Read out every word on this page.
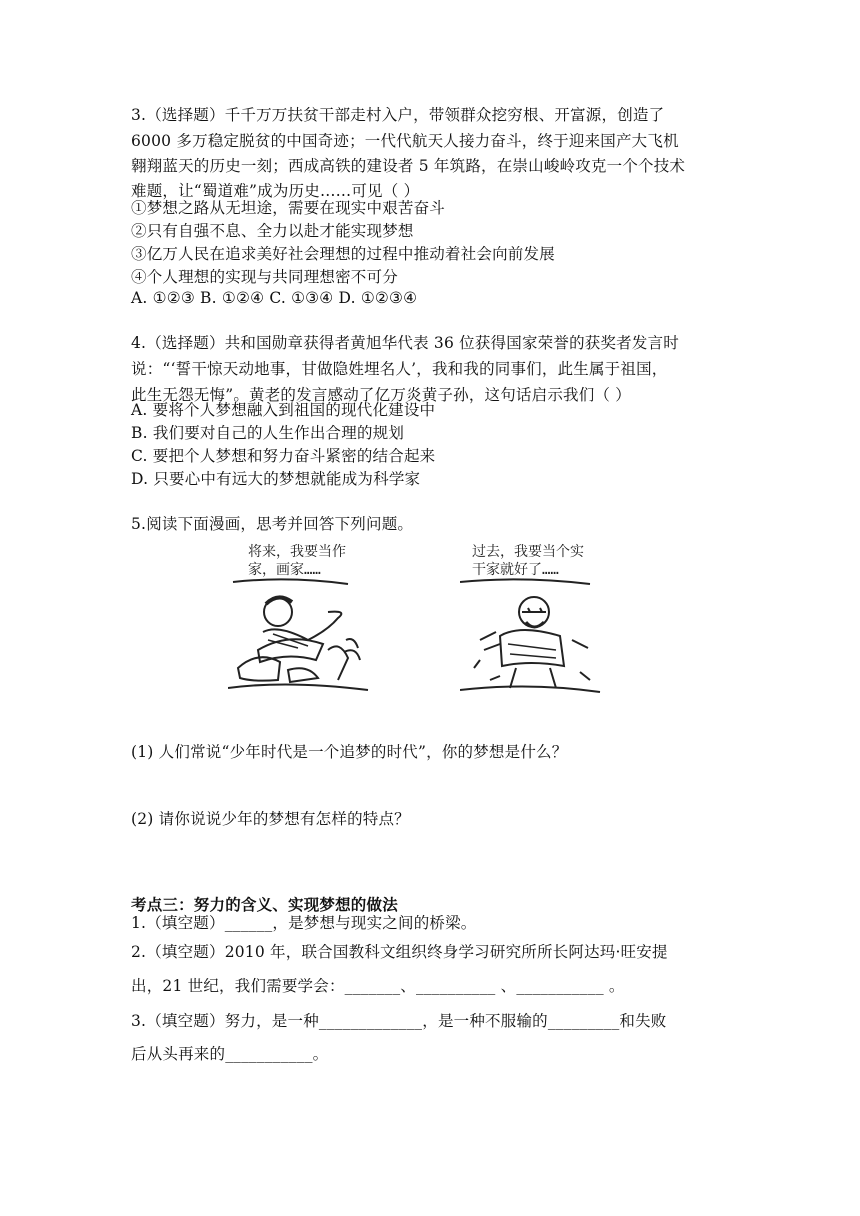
3.（选择题）千千万万扶贫干部走村入户，带领群众挖穷根、开富源，创造了
6000 多万稳定脱贫的中国奇迹；一代代航天人接力奋斗，终于迎来国产大飞机
翱翔蓝天的历史一刻；西成高铁的建设者 5 年筑路，在崇山峻岭攻克一个个技术
难题，让“蜀道难”成为历史……可见（ ）
①梦想之路从无坦途，需要在现实中艰苦奋斗
②只有自强不息、全力以赴才能实现梦想
③亿万人民在追求美好社会理想的过程中推动着社会向前发展
④个人理想的实现与共同理想密不可分
A. ①②③ B. ①②④ C. ①③④ D. ①②③④
4.（选择题）共和国勋章获得者黄旭华代表 36 位获得国家荣誉的获奖者发言时
说：“‘誓干惊天动地事，甘做隐姓埋名人’，我和我的同事们，此生属于祖国，
此生无怨无悔”。黄老的发言感动了亿万炎黄子孙，这句话启示我们（ ）
A. 要将个人梦想融入到祖国的现代化建设中
B. 我们要对自己的人生作出合理的规划
C. 要把个人梦想和努力奋斗紧密的结合起来
D. 只要心中有远大的梦想就能成为科学家
5.阅读下面漫画，思考并回答下列问题。
将来，我要当作
家，画家……
过去，我要当个实
干家就好了……
(1) 人们常说“少年时代是一个追梦的时代”，你的梦想是什么？
(2) 请你说说少年的梦想有怎样的特点？
考点三：努力的含义、实现梦想的做法
1.（填空题）______，是梦想与现实之间的桥梁。
2.（填空题）2010 年，联合国教科文组织终身学习研究所所长阿达玛·旺安提
出，21 世纪，我们需要学会：_______、__________ 、___________ 。
3.（填空题）努力，是一种_____________，是一种不服输的_________和失败
后从头再来的___________。
